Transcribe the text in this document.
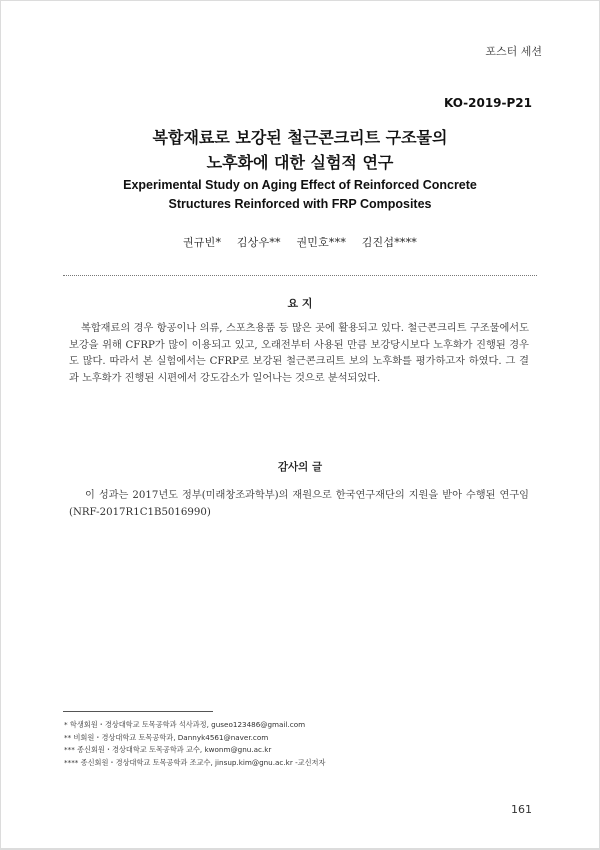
포스터 세션
KO-2019-P21
복합재료로 보강된 철근콘크리트 구조물의
노후화에 대한 실험적 연구
Experimental Study on Aging Effect of Reinforced Concrete
Structures Reinforced with FRP Composites
권규빈* 김상우** 권민호*** 김진섭****
요 지
복합재료의 경우 항공이나 의류, 스포츠용품 등 많은 곳에 활용되고 있다. 철근콘크리트 구조물에서도 보강을 위해 CFRP가 많이 이용되고 있고, 오래전부터 사용된 만큼 보강당시보다 노후화가 진행된 경우도 많다. 따라서 본 실험에서는 CFRP로 보강된 철근콘크리트 보의 노후화를 평가하고자 하였다. 그 결과 노후화가 진행된 시편에서 강도감소가 일어나는 것으로 분석되었다.
감사의 글
이 성과는 2017년도 정부(미래창조과학부)의 재원으로 한국연구재단의 지원을 받아 수행된 연구임(NRF-2017R1C1B5016990)
* 학생회원・경상대학교 토목공학과 석사과정, guseo123486@gmail.com
** 비회원・경상대학교 토목공학과, Dannyk4561@naver.com
*** 종신회원・경상대학교 토목공학과 교수, kwonm@gnu.ac.kr
**** 종신회원・경상대학교 토목공학과 조교수, jinsup.kim@gnu.ac.kr -교신저자
161
